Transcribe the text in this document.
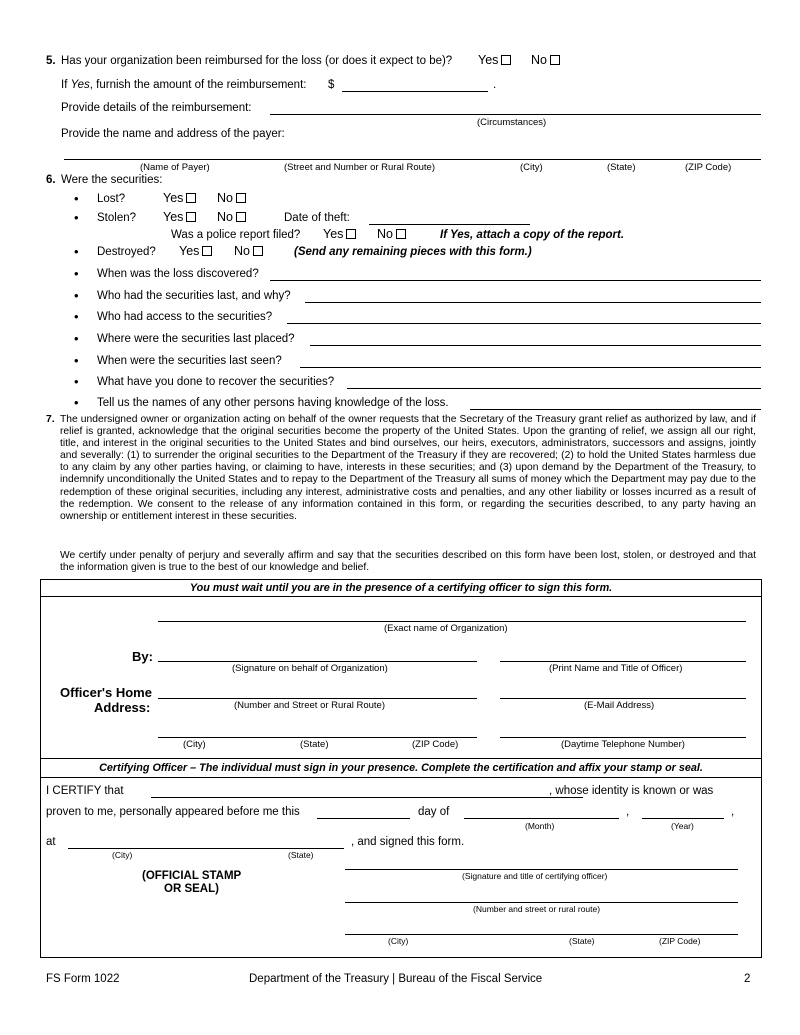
5. Has your organization been reimbursed for the loss (or does it expect to be)? Yes	No
If Yes, furnish the amount of the reimbursement: $	.
Provide details of the reimbursement:
(Circumstances)
Provide the name and address of the payer:
(Name of Payer)	(Street and Number or Rural Route)	(City)	(State)	(ZIP Code)
6. Were the securities:
• Lost?	Yes	No
• Stolen? Yes	No	Date of theft:
Was a police report filed? Yes	No	If Yes, attach a copy of the report.
• Destroyed? Yes	No	(Send any remaining pieces with this form.)
• When was the loss discovered?
• Who had the securities last, and why?
• Who had access to the securities?
• Where were the securities last placed?
• When were the securities last seen?
• What have you done to recover the securities?
• Tell us the names of any other persons having knowledge of the loss.
7. The undersigned owner or organization acting on behalf of the owner requests that the Secretary of the Treasury grant relief as authorized by law, and if relief is granted, acknowledge that the original securities become the property of the United States. Upon the granting of relief, we assign all our right, title, and interest in the original securities to the United States and bind ourselves, our heirs, executors, administrators, successors and assigns, jointly and severally: (1) to surrender the original securities to the Department of the Treasury if they are recovered; (2) to hold the United States harmless due to any claim by any other parties having, or claiming to have, interests in these securities; and (3) upon demand by the Department of the Treasury, to indemnify unconditionally the United States and to repay to the Department of the Treasury all sums of money which the Department may pay due to the redemption of these original securities, including any interest, administrative costs and penalties, and any other liability or losses incurred as a result of the redemption. We consent to the release of any information contained in this form, or regarding the securities described, to any party having an ownership or entitlement interest in these securities.
We certify under penalty of perjury and severally affirm and say that the securities described on this form have been lost, stolen, or destroyed and that the information given is true to the best of our knowledge and belief.
You must wait until you are in the presence of a certifying officer to sign this form.
(Exact name of Organization)
By:
(Signature on behalf of Organization)	(Print Name and Title of Officer)
Officer's Home
Address:	(Number and Street or Rural Route)	(E-Mail Address)
(City)	(State)	(ZIP Code)	(Daytime Telephone Number)
Certifying Officer – The individual must sign in your presence. Complete the certification and affix your stamp or seal.
I CERTIFY that	, whose identity is known or was
proven to me, personally appeared before me this	day of	,	,
(Month)	(Year)
at	, and signed this form.
(City)	(State)
(OFFICIAL STAMP
OR SEAL)
(Signature and title of certifying officer)
(Number and street or rural route)
(City)	(State)	(ZIP Code)
FS Form 1022	Department of the Treasury | Bureau of the Fiscal Service	2
